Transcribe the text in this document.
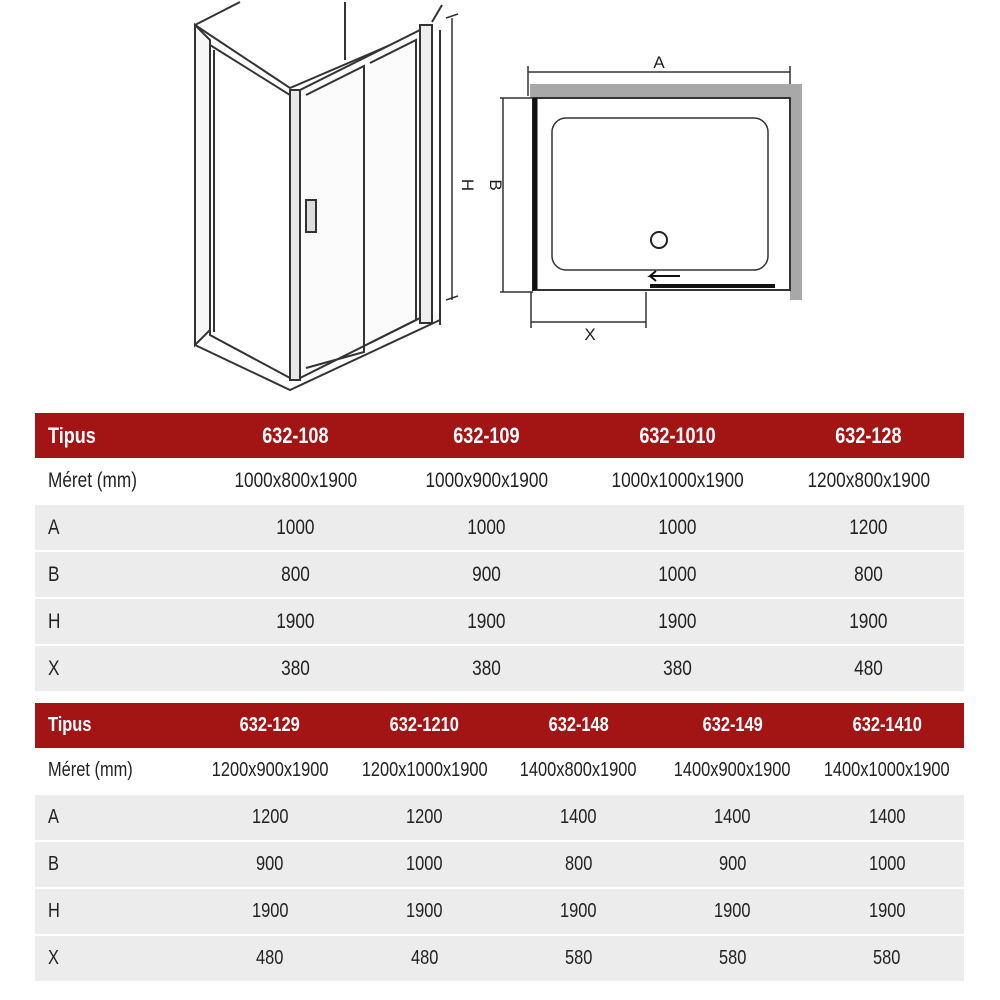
H
A
B
X
Tipus	632-108	632-109	632-1010	632-128
Méret (mm)	1000x800x1900	1000x900x1900	1000x1000x1900	1200x800x1900
A	1000	1000	1000	1200
B	800	900	1000	800
H	1900	1900	1900	1900
X	380	380	380	480
Tipus	632-129	632-1210	632-148	632-149	632-1410
Méret (mm)	1200x900x1900	1200x1000x1900	1400x800x1900	1400x900x1900	1400x1000x1900
A	1200	1200	1400	1400	1400
B	900	1000	800	900	1000
H	1900	1900	1900	1900	1900
X	480	480	580	580	580
